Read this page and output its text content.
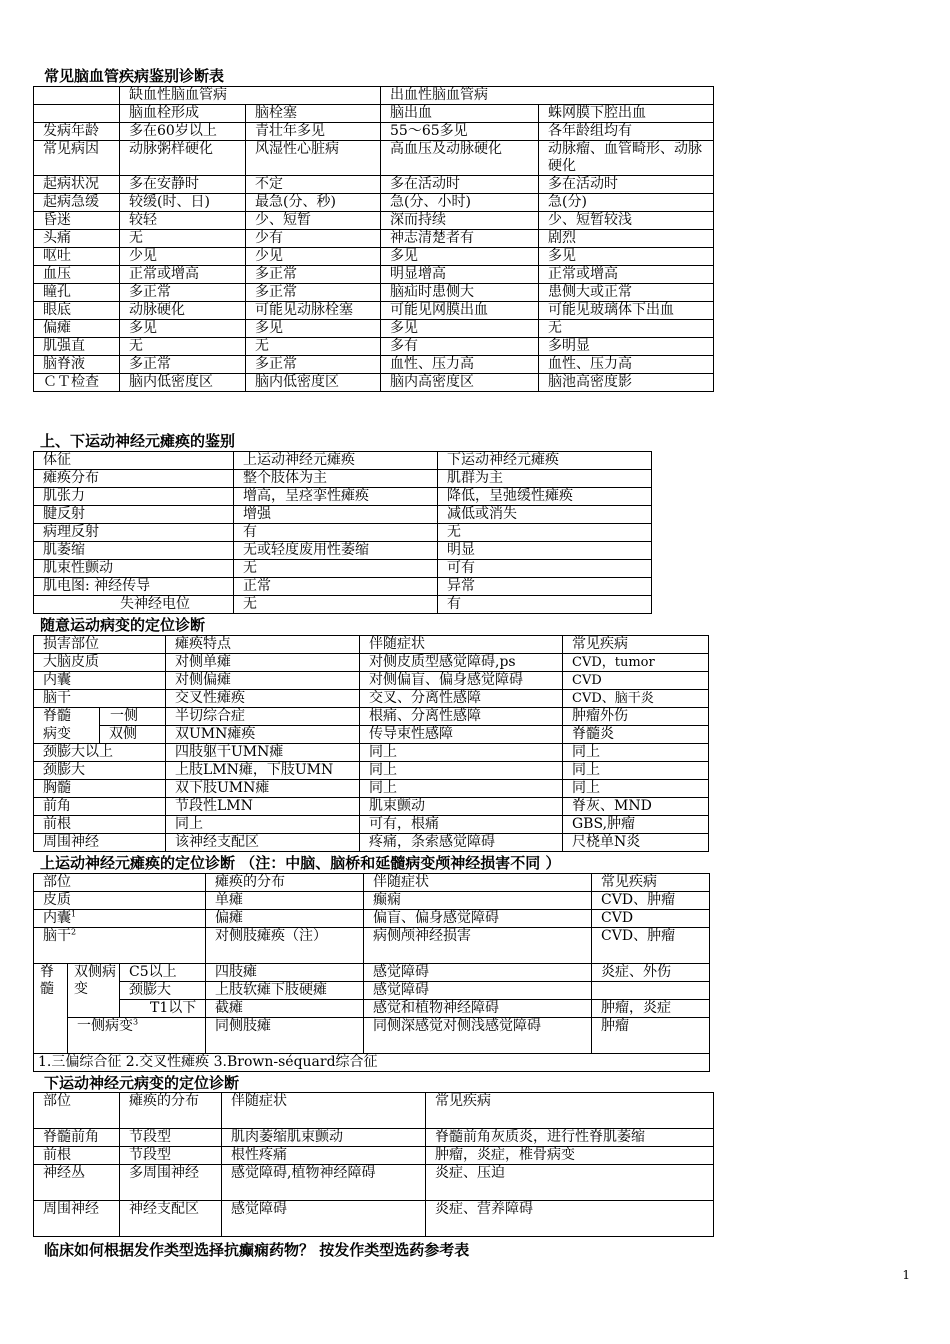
常见脑血管疾病鉴别诊断表
	缺血性脑血管病		出血性脑血管病	
	脑血栓形成	脑栓塞	脑出血	蛛网膜下腔出血
发病年龄	多在60岁以上	青壮年多见	55～65多见	各年龄组均有
常见病因	动脉粥样硬化	风湿性心脏病	高血压及动脉硬化	动脉瘤、血管畸形、动脉硬化
起病状况	多在安静时	不定	多在活动时	多在活动时
起病急缓	较缓(时、日)	最急(分、秒)	急(分、小时)	急(分)
昏迷	较轻	少、短暂	深而持续	少、短暂较浅
头痛	无	少有	神志清楚者有	剧烈
呕吐	少见	少见	多见	多见
血压	正常或增高	多正常	明显增高	正常或增高
瞳孔	多正常	多正常	脑疝时患侧大	患侧大或正常
眼底	动脉硬化	可能见动脉栓塞	可能见网膜出血	可能见玻璃体下出血
偏瘫	多见	多见	多见	无
肌强直	无	无	多有	多明显
脑脊液	多正常	多正常	血性、压力高	血性、压力高
ＣＴ检查	脑内低密度区	脑内低密度区	脑内高密度区	脑池高密度影
上、下运动神经元瘫痪的鉴别
体征	上运动神经元瘫痪	下运动神经元瘫痪
瘫痪分布	整个肢体为主	肌群为主
肌张力	增高，呈痉挛性瘫痪	降低，呈弛缓性瘫痪
腱反射	增强	减低或消失
病理反射	有	无
肌萎缩	无或轻度废用性萎缩	明显
肌束性颤动	无	可有
肌电图: 神经传导	正常	异常
失神经电位	无	有
随意运动病变的定位诊断
损害部位		瘫痪特点	伴随症状	常见疾病
大脑皮质		对侧单瘫	对侧皮质型感觉障碍,ps	CVD，tumor
内囊		对侧偏瘫	对侧偏盲、偏身感觉障碍	CVD
脑干		交叉性瘫痪	交叉、分离性感障	CVD、脑干炎
脊髓	一侧	半切综合症	根痛、分离性感障	肿瘤外伤
病变	双侧	双UMN瘫痪	传导束性感障	脊髓炎
颈膨大以上		四肢躯干UMN瘫	同上	同上
颈膨大		上肢LMN瘫，下肢UMN	同上	同上
胸髓		双下肢UMN瘫	同上	同上
前角		节段性LMN	肌束颤动	脊灰、MND
前根		同上	可有，根痛	GBS,肿瘤
周围神经		该神经支配区	疼痛，条索感觉障碍	尺桡单N炎
上运动神经元瘫痪的定位诊断 （注：中脑、脑桥和延髓病变颅神经损害不同 ）
部位			瘫痪的分布	伴随症状	常见疾病
皮质			单瘫	癫痫	CVD、肿瘤
内囊$^1$			偏瘫	偏盲、偏身感觉障碍	CVD
脑干$^2$			对侧肢瘫痪（注）	病侧颅神经损害	CVD、肿瘤
脊髓	双侧病变	C5以上	四肢瘫	感觉障碍	炎症、外伤
		颈膨大	上肢软瘫下肢硬瘫	感觉障碍	
		T1以下	截瘫	感觉和植物神经障碍	肿瘤，炎症
	一侧病变$^3$		同侧肢瘫	同侧深感觉对侧浅感觉障碍	肿瘤
1.三偏综合征 2.交叉性瘫痪 3.Brown-séquard综合征					
下运动神经元病变的定位诊断
部位	瘫痪的分布	伴随症状	常见疾病
脊髓前角	节段型	肌肉萎缩肌束颤动	脊髓前角灰质炎，进行性脊肌萎缩
前根	节段型	根性疼痛	肿瘤，炎症，椎骨病变
神经丛	多周围神经	感觉障碍,植物神经障碍	炎症、压迫
周围神经	神经支配区	感觉障碍	炎症、营养障碍
临床如何根据发作类型选择抗癫痫药物？ 按发作类型选药参考表
1
